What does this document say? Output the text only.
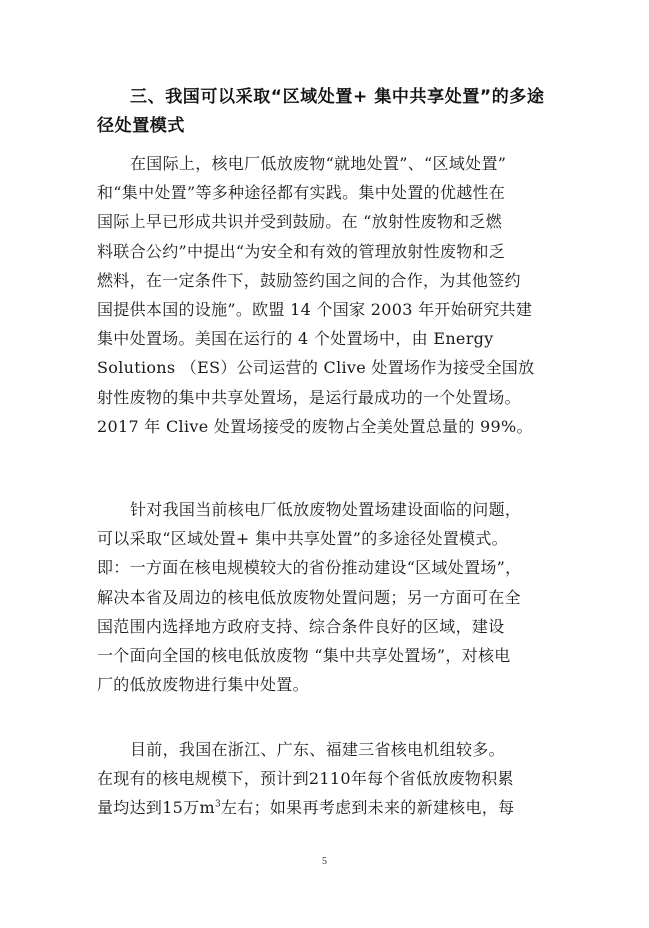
三、我国可以采取“区域处置+ 集中共享处置”的多途
径处置模式
在国际上，核电厂低放废物“就地处置”、“区域处置”
和“集中处置”等多种途径都有实践。集中处置的优越性在
国际上早已形成共识并受到鼓励。在 “放射性废物和乏燃
料联合公约”中提出“为安全和有效的管理放射性废物和乏
燃料，在一定条件下，鼓励签约国之间的合作，为其他签约
国提供本国的设施”。欧盟 14 个国家 2003 年开始研究共建
集中处置场。美国在运行的 4 个处置场中，由 Energy
Solutions （ES）公司运营的 Clive 处置场作为接受全国放
射性废物的集中共享处置场，是运行最成功的一个处置场。
2017 年 Clive 处置场接受的废物占全美处置总量的 99%。
针对我国当前核电厂低放废物处置场建设面临的问题，
可以采取“区域处置+ 集中共享处置”的多途径处置模式。
即：一方面在核电规模较大的省份推动建设“区域处置场”，
解决本省及周边的核电低放废物处置问题；另一方面可在全
国范围内选择地方政府支持、综合条件良好的区域，建设
一个面向全国的核电低放废物 “集中共享处置场”，对核电
厂的低放废物进行集中处置。
目前，我国在浙江、广东、福建三省核电机组较多。
在现有的核电规模下，预计到2110年每个省低放废物积累
量均达到15万$m^3$左右；如果再考虑到未来的新建核电，每
5
